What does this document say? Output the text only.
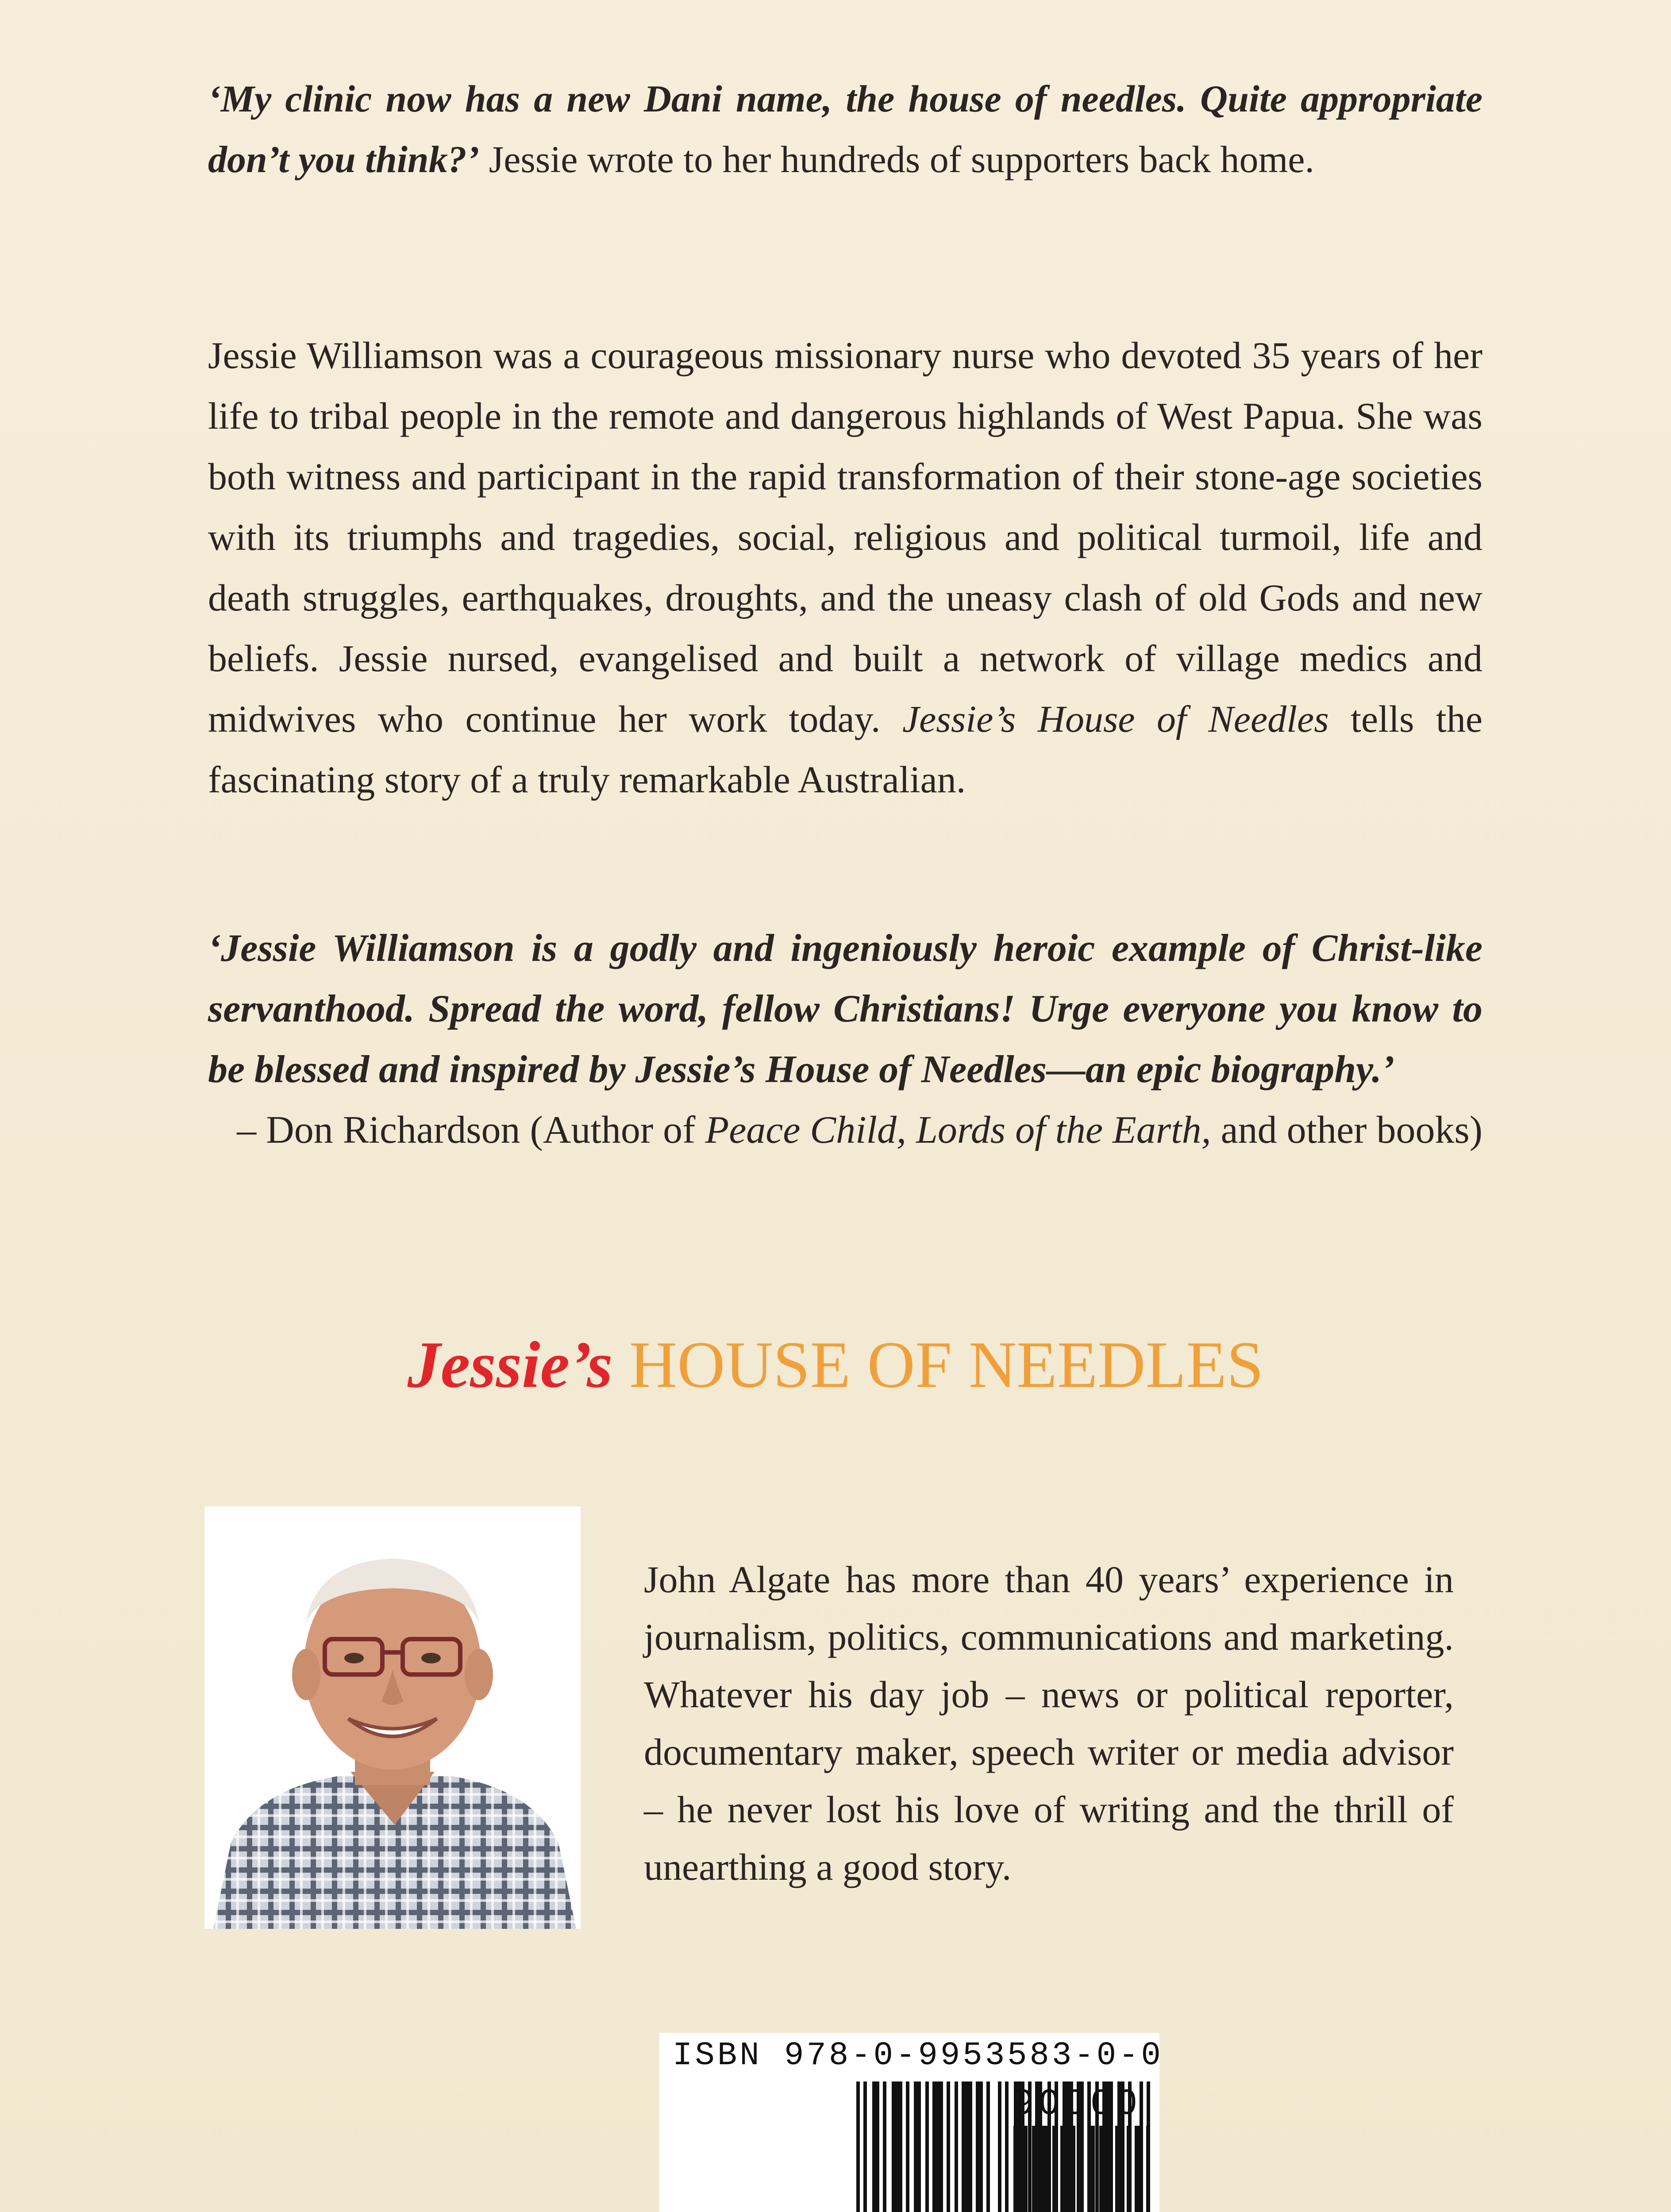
‘My clinic now has a new Dani name, the house of needles. Quite appropriate don’t you think?’ Jessie wrote to her hundreds of supporters back home.
Jessie Williamson was a courageous missionary nurse who devoted 35 years of her life to tribal people in the remote and dangerous highlands of West Papua. She was both witness and participant in the rapid transformation of their stone-age societies with its triumphs and tragedies, social, religious and political turmoil, life and death struggles, earthquakes, droughts, and the uneasy clash of old Gods and new beliefs. Jessie nursed, evangelised and built a network of village medics and midwives who continue her work today. Jessie’s House of Needles tells the fascinating story of a truly remarkable Australian.
‘Jessie Williamson is a godly and ingeniously heroic example of Christ-like servanthood. Spread the word, fellow Christians! Urge everyone you know to be blessed and inspired by Jessie’s House of Needles—an epic biography.’
– Don Richardson (Author of Peace Child, Lords of the Earth, and other books)
Jessie’s HOUSE OF NEEDLES
John Algate has more than 40 years’ experience in journalism, politics, communications and marketing. Whatever his day job – news or political reporter, documentary maker, speech writer or media advisor – he never lost his love of writing and the thrill of unearthing a good story.
ISBN 978-0-9953583-0-0

90000
